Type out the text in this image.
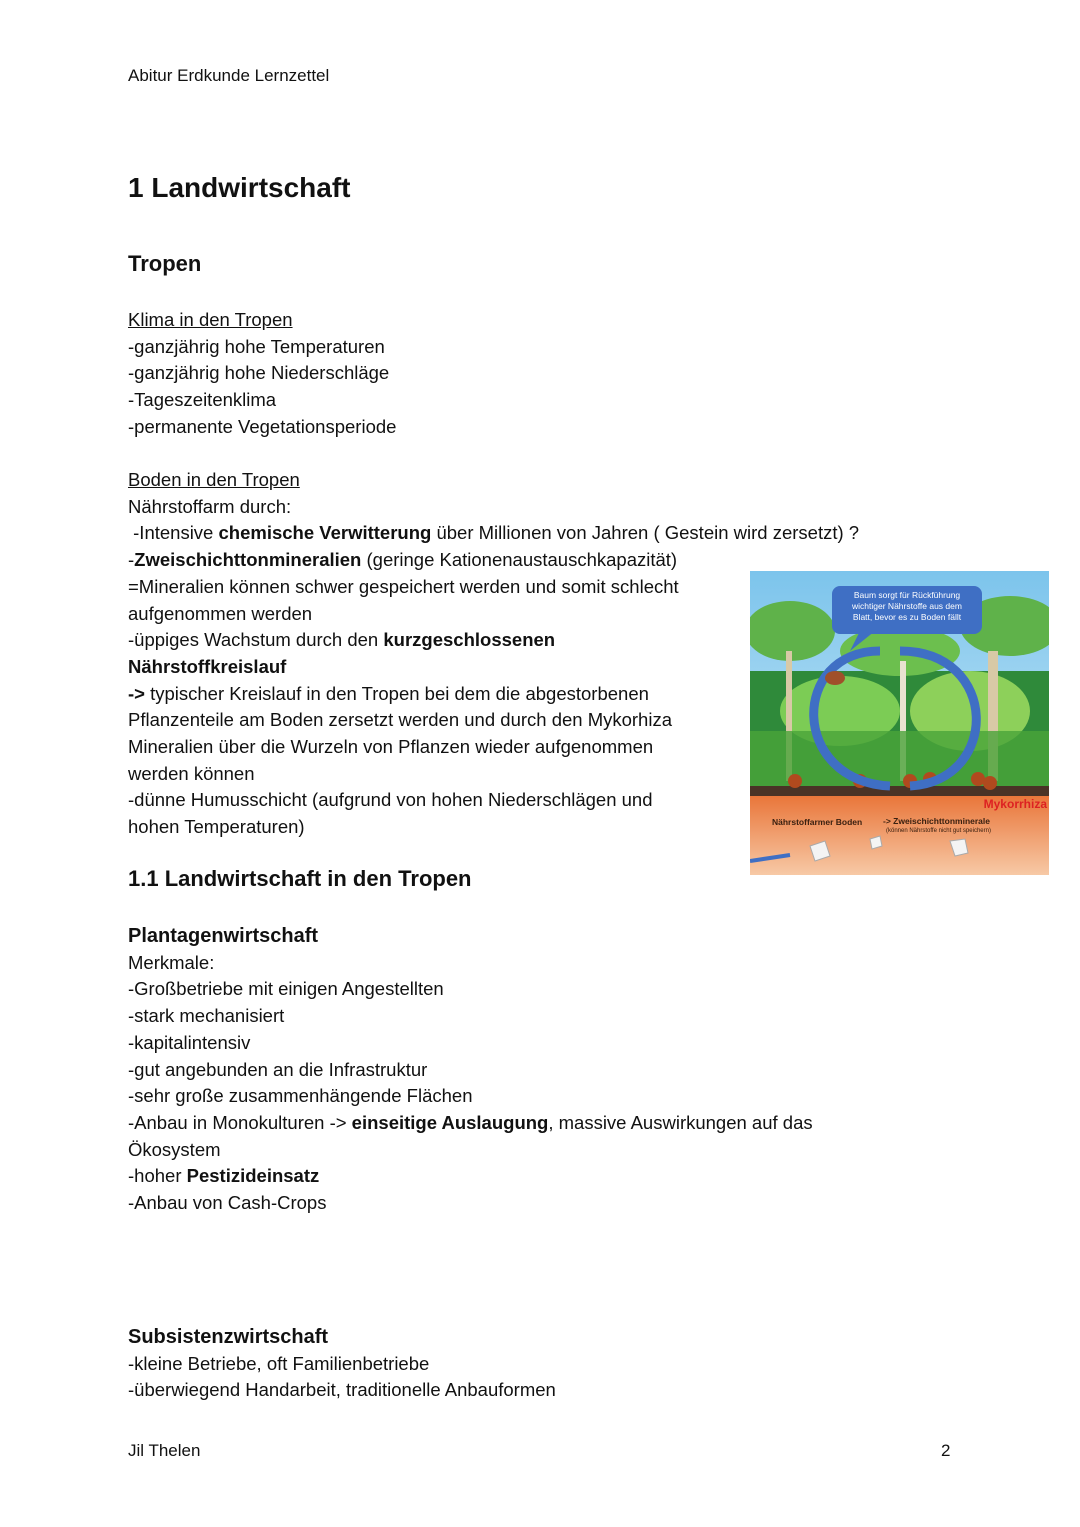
Abitur Erdkunde Lernzettel
1 Landwirtschaft
Tropen
Klima in den Tropen
-ganzjährig hohe Temperaturen
-ganzjährig hohe Niederschläge
-Tageszeitenklima
-permanente Vegetationsperiode
Boden in den Tropen
Nährstoffarm durch:
-Intensive chemische Verwitterung über Millionen von Jahren ( Gestein wird zersetzt) ?
-Zweischichttonmineralien (geringe Kationenaustauschkapazität)
=Mineralien können schwer gespeichert werden und somit schlecht
aufgenommen werden
-üppiges Wachstum durch den kurzgeschlossenen
Nährstoffkreislauf
-> typischer Kreislauf in den Tropen bei dem die abgestorbenen
Pflanzenteile am Boden zersetzt werden und durch den Mykorhiza
Mineralien über die Wurzeln von Pflanzen wieder aufgenommen
werden können
-dünne Humusschicht (aufgrund von hohen Niederschlägen und
hohen Temperaturen)
Baum sorgt für Rückführung
wichtiger Nährstoffe aus dem
Blatt, bevor es zu Boden fällt
Mykorrhiza
Nährstoffarmer Boden -> Zweischichttonminerale
(können Nährstoffe nicht gut speichern)
1.1 Landwirtschaft in den Tropen
Plantagenwirtschaft
Merkmale:
-Großbetriebe mit einigen Angestellten
-stark mechanisiert
-kapitalintensiv
-gut angebunden an die Infrastruktur
-sehr große zusammenhängende Flächen
-Anbau in Monokulturen -> einseitige Auslaugung, massive Auswirkungen auf das
Ökosystem
-hoher Pestizideinsatz
-Anbau von Cash-Crops
Subsistenzwirtschaft
-kleine Betriebe, oft Familienbetriebe
-überwiegend Handarbeit, traditionelle Anbauformen
Jil Thelen	2
